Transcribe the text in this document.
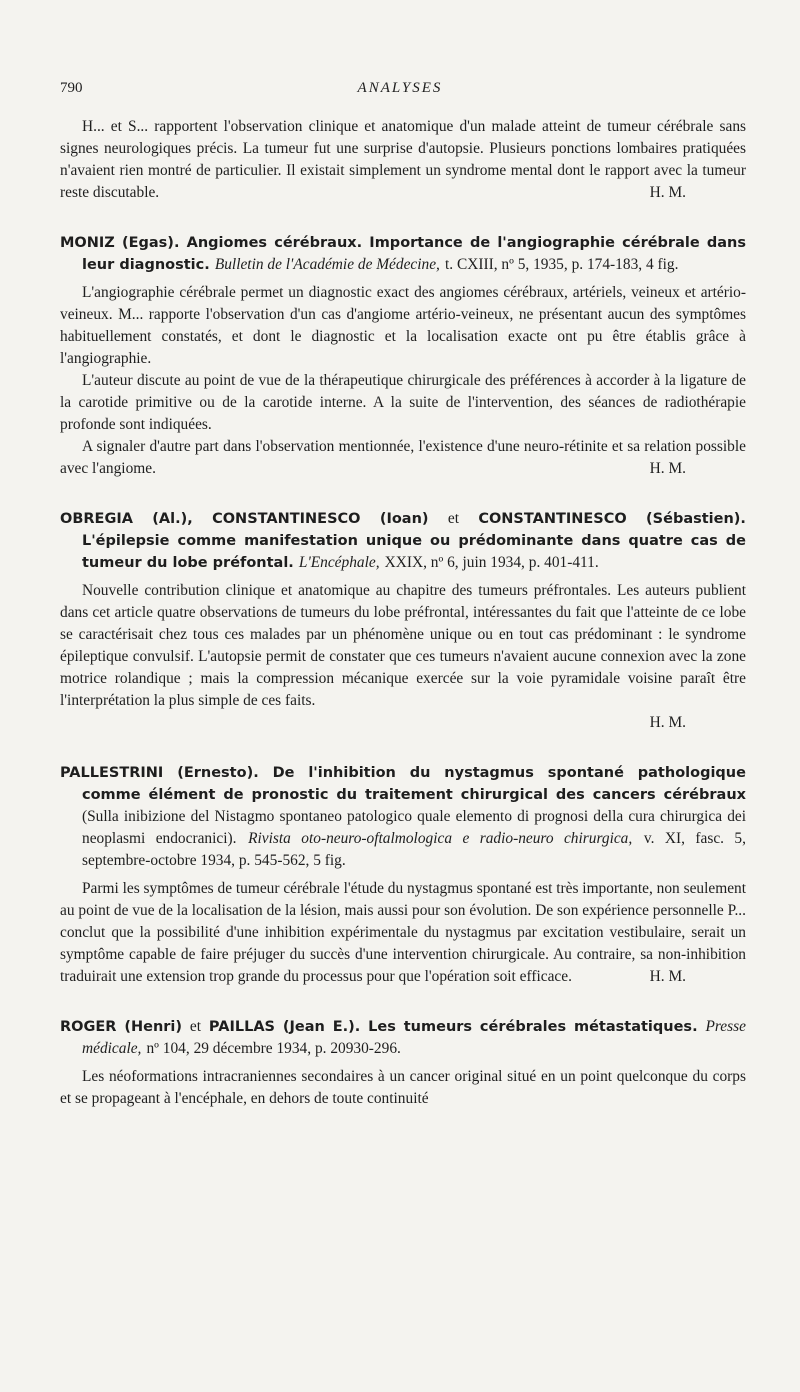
790	ANALYSES

H... et S... rapportent l'observation clinique et anatomique d'un malade atteint de tumeur cérébrale sans signes neurologiques précis. La tumeur fut une surprise d'autopsie. Plusieurs ponctions lombaires pratiquées n'avaient rien montré de particulier. Il existait simplement un syndrome mental dont le rapport avec la tumeur reste discutable.	H. M.

MONIZ (Egas). Angiomes cérébraux. Importance de l'angiographie cérébrale dans leur diagnostic. Bulletin de l'Académie de Médecine, t. CXIII, nº 5, 1935, p. 174-183, 4 fig.

L'angiographie cérébrale permet un diagnostic exact des angiomes cérébraux, artériels, veineux et artério-veineux. M... rapporte l'observation d'un cas d'angiome artério-veineux, ne présentant aucun des symptômes habituellement constatés, et dont le diagnostic et la localisation exacte ont pu être établis grâce à l'angiographie.

L'auteur discute au point de vue de la thérapeutique chirurgicale des préférences à accorder à la ligature de la carotide primitive ou de la carotide interne. A la suite de l'intervention, des séances de radiothérapie profonde sont indiquées.

A signaler d'autre part dans l'observation mentionnée, l'existence d'une neuro-rétinite et sa relation possible avec l'angiome.	H. M.

OBREGIA (Al.), CONSTANTINESCO (Ioan) et CONSTANTINESCO (Sébastien). L'épilepsie comme manifestation unique ou prédominante dans quatre cas de tumeur du lobe préfontal. L'Encéphale, XXIX, nº 6, juin 1934, p. 401-411.

Nouvelle contribution clinique et anatomique au chapitre des tumeurs préfrontales. Les auteurs publient dans cet article quatre observations de tumeurs du lobe préfrontal, intéressantes du fait que l'atteinte de ce lobe se caractérisait chez tous ces malades par un phénomène unique ou en tout cas prédominant : le syndrome épileptique convulsif. L'autopsie permit de constater que ces tumeurs n'avaient aucune connexion avec la zone motrice rolandique ; mais la compression mécanique exercée sur la voie pyramidale voisine paraît être l'interprétation la plus simple de ces faits.

H. M.
PALLESTRINI (Ernesto). De l'inhibition du nystagmus spontané pathologique comme élément de pronostic du traitement chirurgical des cancers cérébraux (Sulla inibizione del Nistagmo spontaneo patologico quale elemento di prognosi della cura chirurgica dei neoplasmi endocranici). Rivista oto-neuro-oftalmologica e radio-neuro chirurgica, v. XI, fasc. 5, septembre-octobre 1934, p. 545-562, 5 fig.

Parmi les symptômes de tumeur cérébrale l'étude du nystagmus spontané est très importante, non seulement au point de vue de la localisation de la lésion, mais aussi pour son évolution. De son expérience personnelle P... conclut que la possibilité d'une inhibition expérimentale du nystagmus par excitation vestibulaire, serait un symptôme capable de faire préjuger du succès d'une intervention chirurgicale. Au contraire, sa non-inhibition traduirait une extension trop grande du processus pour que l'opération soit efficace.	H. M.

ROGER (Henri) et PAILLAS (Jean E.). Les tumeurs cérébrales métastatiques. Presse médicale, nº 104, 29 décembre 1934, p. 20930-296.

Les néoformations intracraniennes secondaires à un cancer original situé en un point quelconque du corps et se propageant à l'encéphale, en dehors de toute continuité
